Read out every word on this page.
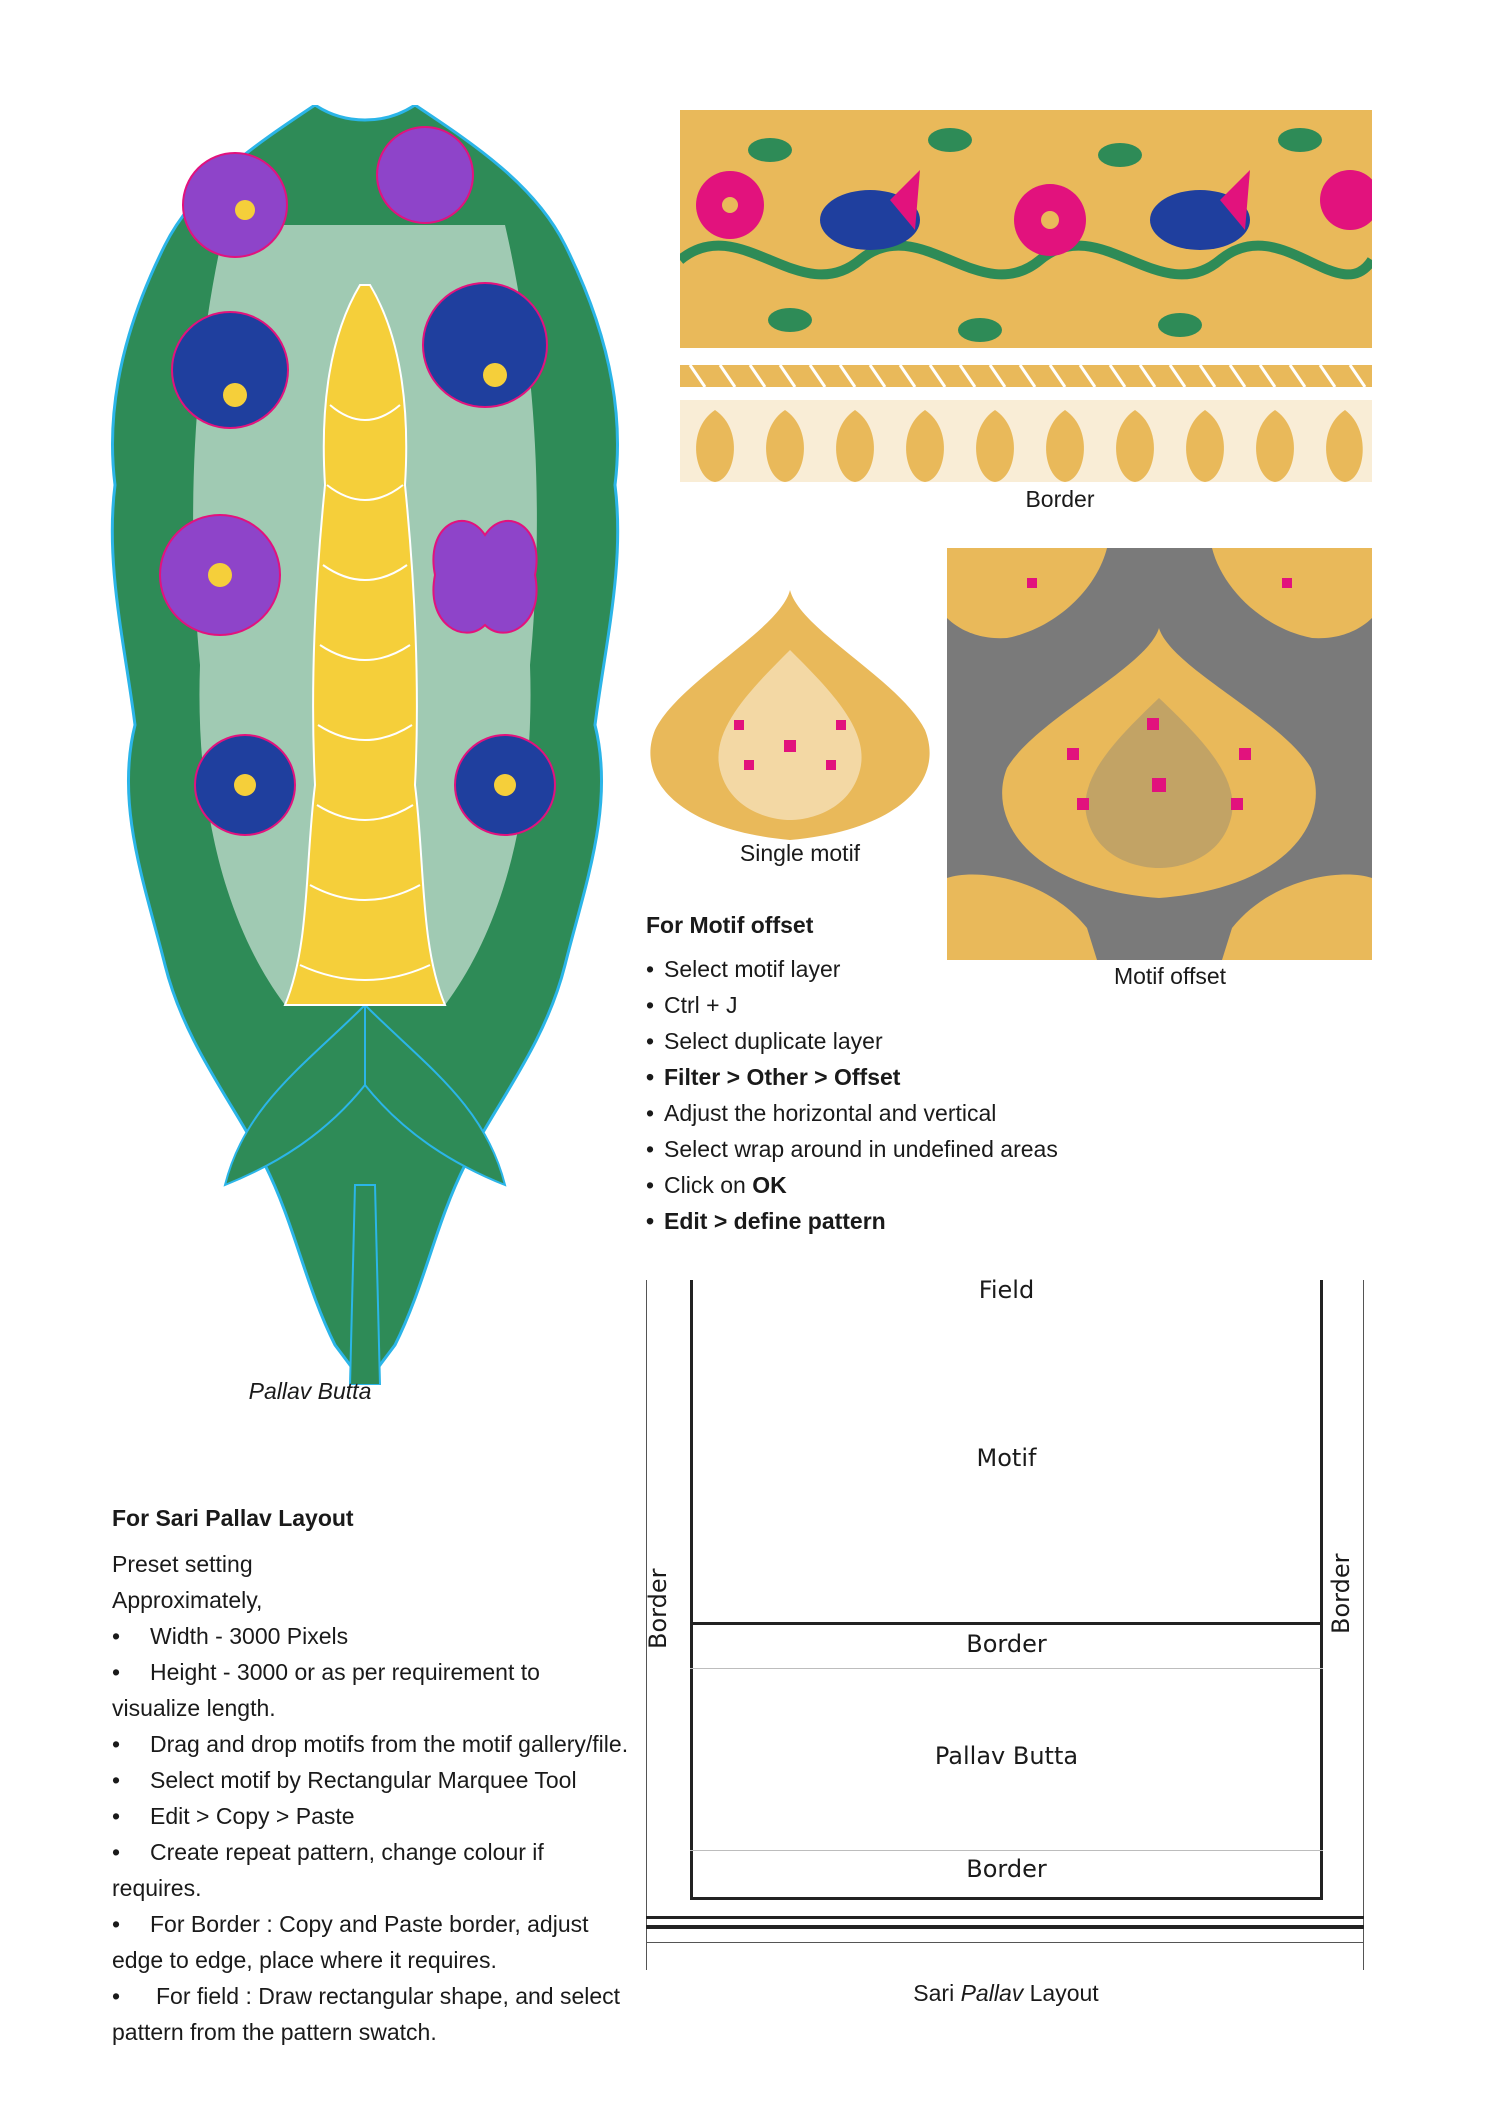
Pallav Butta
Border
Single motif
Motif offset
For Motif offset
• Select motif layer
• Ctrl + J
• Select duplicate layer
• Filter > Other > Offset
• Adjust the horizontal and vertical
• Select wrap around in undefined areas
• Click on OK
• Edit > define pattern
For Sari Pallav Layout
Preset setting
Approximately,
• Width - 3000 Pixels
• Height - 3000 or as per requirement to visualize length.
• Drag and drop motifs from the motif gallery/file.
• Select motif by Rectangular Marquee Tool
• Edit > Copy > Paste
• Create repeat pattern, change colour if requires.
• For Border : Copy and Paste border, adjust edge to edge, place where it requires.
• For field : Draw rectangular shape, and select pattern from the pattern swatch.
Field
Motif
Border
Pallav Butta
Border
Border	Border
Sari Pallav Layout
